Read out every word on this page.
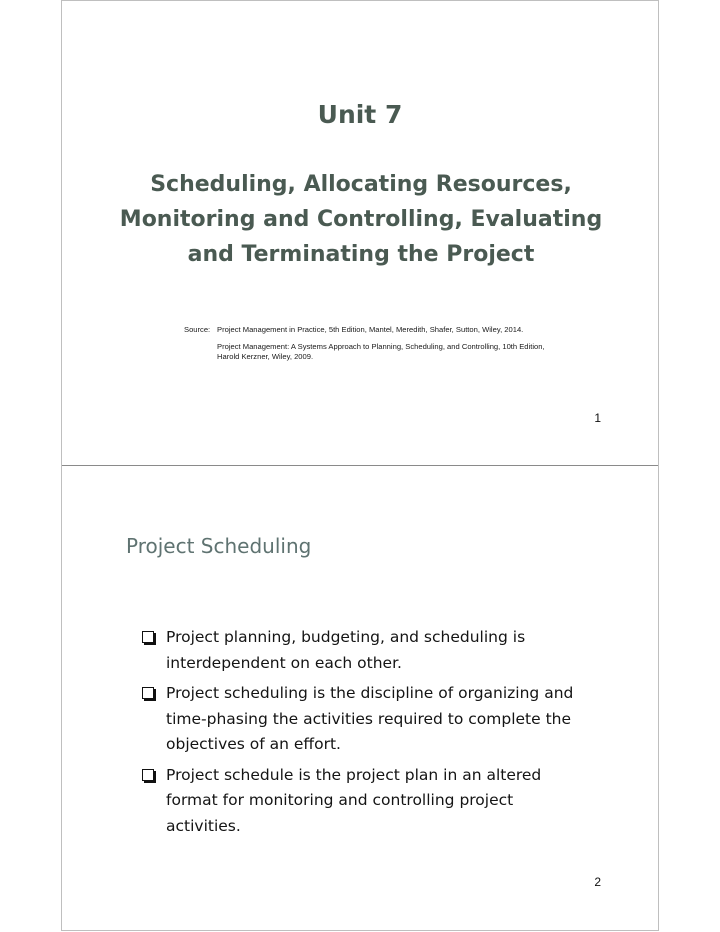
Unit 7
Scheduling, Allocating Resources,
Monitoring and Controlling, Evaluating
and Terminating the Project
Source: Project Management in Practice, 5th Edition, Mantel, Meredith, Shafer, Sutton, Wiley, 2014.
Project Management: A Systems Approach to Planning, Scheduling, and Controlling, 10th Edition, Harold Kerzner, Wiley, 2009.
1
Project Scheduling
Project planning, budgeting, and scheduling is interdependent on each other.
Project scheduling is the discipline of organizing and time-phasing the activities required to complete the objectives of an effort.
Project schedule is the project plan in an altered format for monitoring and controlling project activities.
2
